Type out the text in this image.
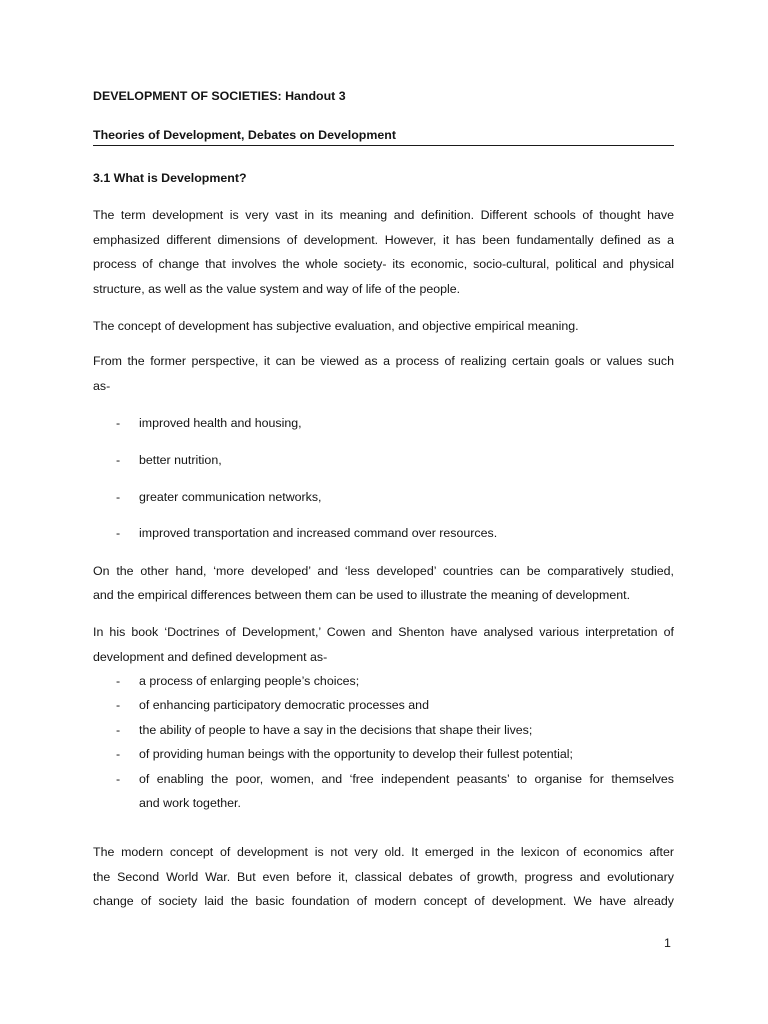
DEVELOPMENT OF SOCIETIES: Handout 3
Theories of Development, Debates on Development
3.1 What is Development?
The term development is very vast in its meaning and definition. Different schools of thought have
emphasized different dimensions of development. However, it has been fundamentally defined as a
process of change that involves the whole society- its economic, socio-cultural, political and physical
structure, as well as the value system and way of life of the people.
The concept of development has subjective evaluation, and objective empirical meaning.
From the former perspective, it can be viewed as a process of realizing certain goals or values such
as-
- improved health and housing,
- better nutrition,
- greater communication networks,
- improved transportation and increased command over resources.
On the other hand, ‘more developed’ and ‘less developed’ countries can be comparatively studied,
and the empirical differences between them can be used to illustrate the meaning of development.
In his book ‘Doctrines of Development,’ Cowen and Shenton have analysed various interpretation of
development and defined development as-
- a process of enlarging people’s choices;
- of enhancing participatory democratic processes and
- the ability of people to have a say in the decisions that shape their lives;
- of providing human beings with the opportunity to develop their fullest potential;
- of enabling the poor, women, and ‘free independent peasants’ to organise for themselves
and work together.
The modern concept of development is not very old. It emerged in the lexicon of economics after
the Second World War. But even before it, classical debates of growth, progress and evolutionary
change of society laid the basic foundation of modern concept of development. We have already
1
